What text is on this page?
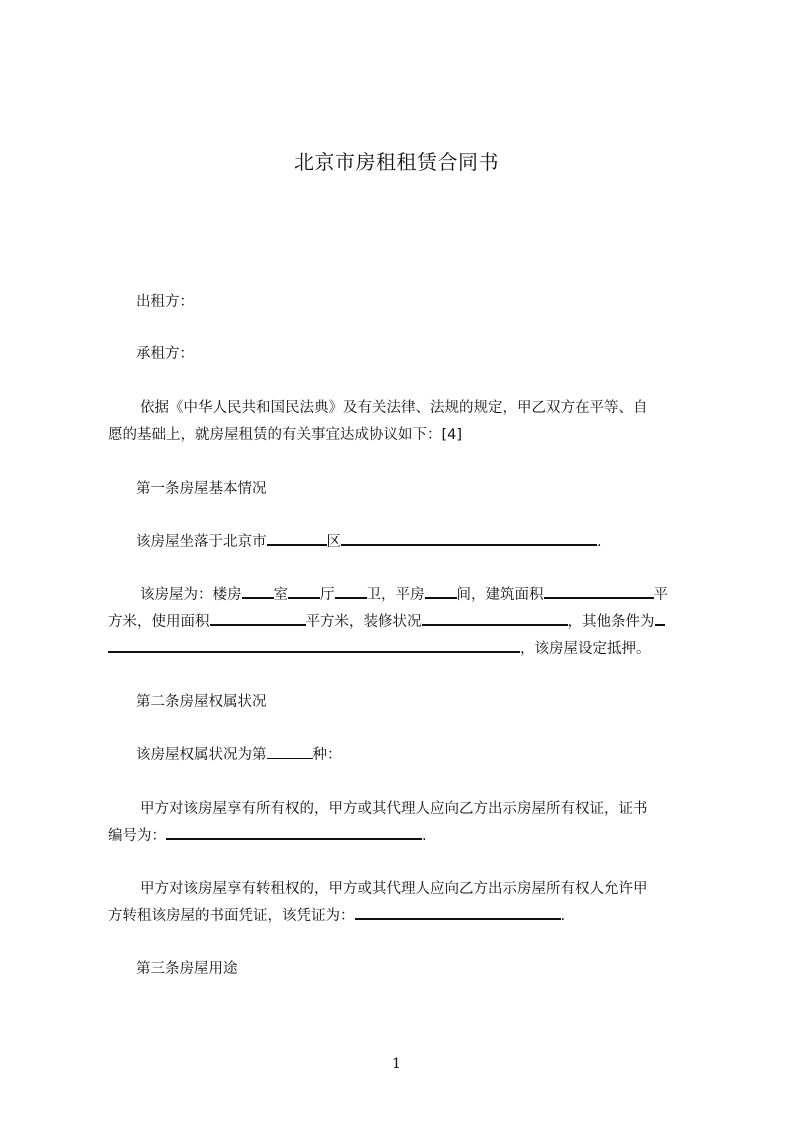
北京市房租租赁合同书
出租方：
承租方：
依据《中华人民共和国民法典》及有关法律、法规的规定，甲乙双方在平等、自
愿的基础上，就房屋租赁的有关事宜达成协议如下：[4]
第一条房屋基本情况
该房屋坐落于北京市	区	.
该房屋为：楼房 室 厅 卫，平房 间，建筑面积	平
方米，使用面积	平方米，装修状况	，其他条件为
，该房屋设定抵押。
第二条房屋权属状况
该房屋权属状况为第	种：
甲方对该房屋享有所有权的，甲方或其代理人应向乙方出示房屋所有权证，证书
编号为：	.
甲方对该房屋享有转租权的，甲方或其代理人应向乙方出示房屋所有权人允许甲
方转租该房屋的书面凭证，该凭证为：	.
第三条房屋用途
1
